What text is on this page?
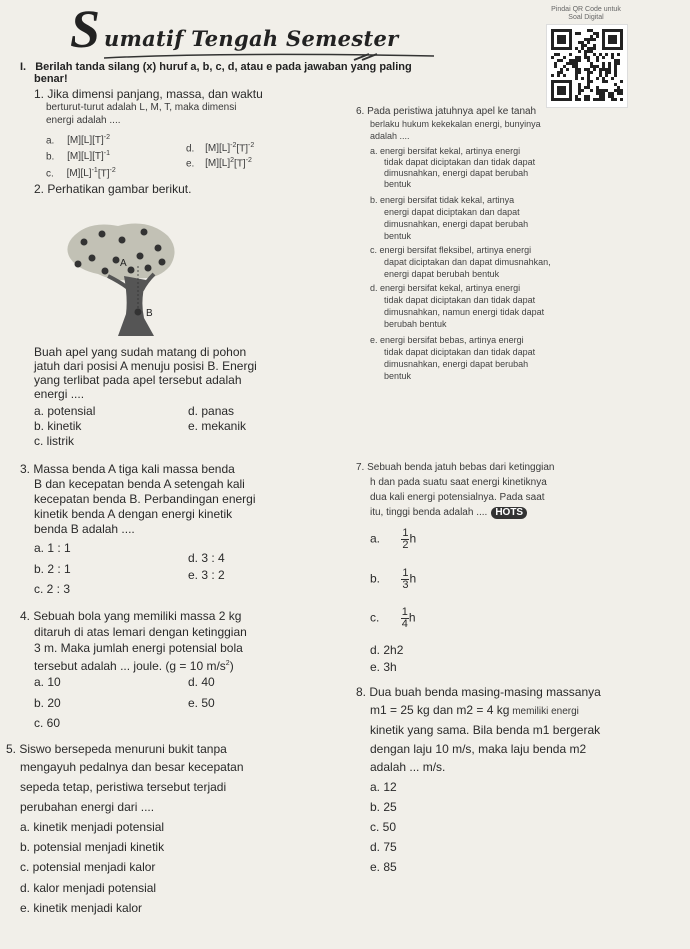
S umatif Tengah Semester
Pindai QR Code untuk Soal Digital
I. Berilah tanda silang (x) huruf a, b, c, d, atau e pada jawaban yang paling
benar!
1. Jika dimensi panjang, massa, dan waktu
berturut-turut adalah L, M, T, maka dimensi
energi adalah ....
a. $[M][L][T]^{-2}$
b. $[M][L][T]^{-1}$
c. $[M][L]^{-1}[T]^{-2}$
d. $[M][L]^{-2}[T]^{-2}$
e. $[M][L]^2[T]^{-2}$
2. Perhatikan gambar berikut.
A
B
Buah apel yang sudah matang di pohon
jatuh dari posisi A menuju posisi B. Energi
yang terlibat pada apel tersebut adalah
energi ....
a. potensial
b. kinetik
c. listrik
d. panas
e. mekanik
3. Massa benda A tiga kali massa benda
B dan kecepatan benda A setengah kali
kecepatan benda B. Perbandingan energi
kinetik benda A dengan energi kinetik
benda B adalah ....
a. 1 : 1
b. 2 : 1
c. 2 : 3
d. 3 : 4
e. 3 : 2
4. Sebuah bola yang memiliki massa 2 kg
ditaruh di atas lemari dengan ketinggian
3 m. Maka jumlah energi potensial bola
tersebut adalah ... joule. (g = 10 $m/s^2$)
a. 10
b. 20
c. 60
d. 40
e. 50
5. Siswo bersepeda menuruni bukit tanpa
mengayuh pedalnya dan besar kecepatan
sepeda tetap, peristiwa tersebut terjadi
perubahan energi dari ....
a. kinetik menjadi potensial
b. potensial menjadi kinetik
c. potensial menjadi kalor
d. kalor menjadi potensial
e. kinetik menjadi kalor
6. Pada peristiwa jatuhnya apel ke tanah
berlaku hukum kekekalan energi, bunyinya
adalah ....
a. energi bersifat kekal, artinya energi
tidak dapat diciptakan dan tidak dapat
dimusnahkan, energi dapat berubah
bentuk
b. energi bersifat tidak kekal, artinya
energi dapat diciptakan dan dapat
dimusnahkan, energi dapat berubah
bentuk
c. energi bersifat fleksibel, artinya energi
dapat diciptakan dan dapat dimusnahkan,
energi dapat berubah bentuk
d. energi bersifat kekal, artinya energi
tidak dapat diciptakan dan tidak dapat
dimusnahkan, namun energi tidak dapat
berubah bentuk
e. energi bersifat bebas, artinya energi
tidak dapat diciptakan dan tidak dapat
dimusnahkan, energi dapat berubah
bentuk
7. Sebuah benda jatuh bebas dari ketinggian
h dan pada suatu saat energi kinetiknya
dua kali energi potensialnya. Pada saat
itu, tinggi benda adalah .... HOTS
a. $\frac{1}{2}$ h
b. $\frac{1}{3}$ h
c. $\frac{1}{4}$ h
d. 2h2
e. 3h
8. Dua buah benda masing-masing massanya
m1 = 25 kg dan m2 = 4 kg memiliki energi
kinetik yang sama. Bila benda m1 bergerak
dengan laju 10 m/s, maka laju benda m2
adalah ... m/s.
a. 12
b. 25
c. 50
d. 75
e. 85
